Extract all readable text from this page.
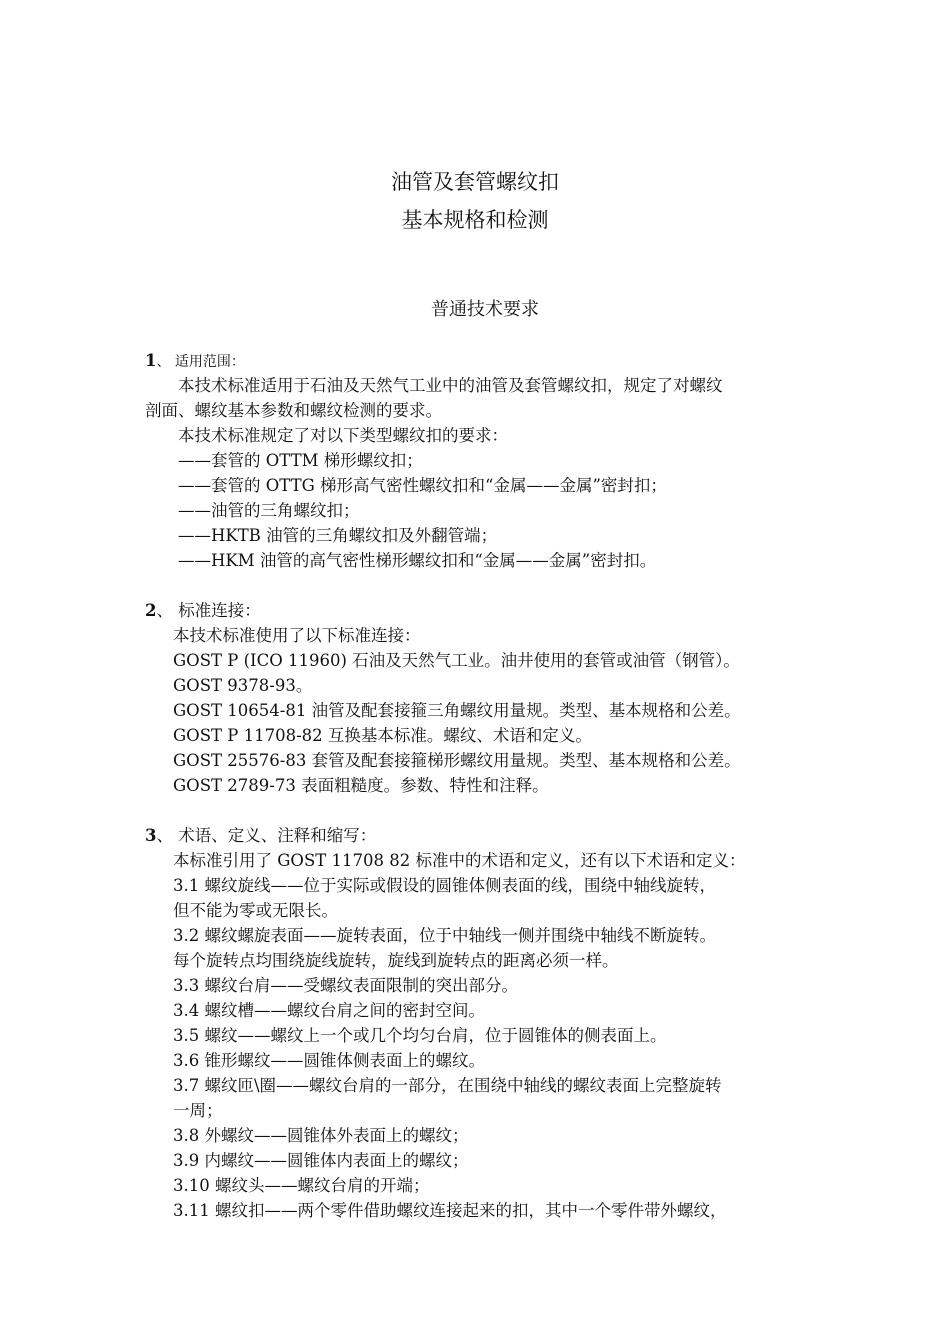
油管及套管螺纹扣
基本规格和检测
普通技术要求
1、 适用范围：
本技术标准适用于石油及天然气工业中的油管及套管螺纹扣，规定了对螺纹
剖面、螺纹基本参数和螺纹检测的要求。
本技术标准规定了对以下类型螺纹扣的要求：
——套管的 OTTM 梯形螺纹扣；
——套管的 OTTG 梯形高气密性螺纹扣和“金属——金属”密封扣；
——油管的三角螺纹扣；
——HKTB 油管的三角螺纹扣及外翻管端；
——HKM 油管的高气密性梯形螺纹扣和“金属——金属”密封扣。
2、 标准连接：
本技术标准使用了以下标准连接：
GOST P (ICO 11960) 石油及天然气工业。油井使用的套管或油管（钢管）。
GOST 9378-93。
GOST 10654-81 油管及配套接箍三角螺纹用量规。类型、基本规格和公差。
GOST P 11708-82 互换基本标准。螺纹、术语和定义。
GOST 25576-83 套管及配套接箍梯形螺纹用量规。类型、基本规格和公差。
GOST 2789-73 表面粗糙度。参数、特性和注释。
3、 术语、定义、注释和缩写：
本标准引用了 GOST 11708 82 标准中的术语和定义，还有以下术语和定义：
3.1 螺纹旋线——位于实际或假设的圆锥体侧表面的线，围绕中轴线旋转，
但不能为零或无限长。
3.2 螺纹螺旋表面——旋转表面，位于中轴线一侧并围绕中轴线不断旋转。
每个旋转点均围绕旋线旋转，旋线到旋转点的距离必须一样。
3.3 螺纹台肩——受螺纹表面限制的突出部分。
3.4 螺纹槽——螺纹台肩之间的密封空间。
3.5 螺纹——螺纹上一个或几个均匀台肩，位于圆锥体的侧表面上。
3.6 锥形螺纹——圆锥体侧表面上的螺纹。
3.7 螺纹匝\圈——螺纹台肩的一部分，在围绕中轴线的螺纹表面上完整旋转
一周；
3.8 外螺纹——圆锥体外表面上的螺纹；
3.9 内螺纹——圆锥体内表面上的螺纹；
3.10 螺纹头——螺纹台肩的开端；
3.11 螺纹扣——两个零件借助螺纹连接起来的扣，其中一个零件带外螺纹，
